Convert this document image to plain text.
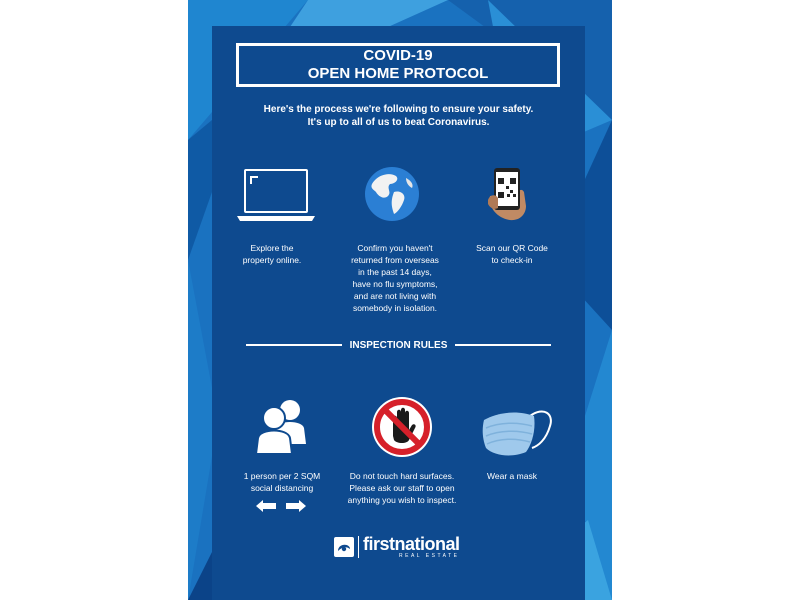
COVID-19
OPEN HOME PROTOCOL
Here's the process we're following to ensure your safety.
It's up to all of us to beat Coronavirus.
Explore the
property online.
Confirm you haven't
returned from overseas
in the past 14 days,
have no flu symptoms,
and are not living with
somebody in isolation.
Scan our QR Code
to check-in
INSPECTION RULES
1 person per 2 SQM
social distancing
Do not touch hard surfaces.
Please ask our staff to open
anything you wish to inspect.
Wear a mask
firstnational
REAL ESTATE
